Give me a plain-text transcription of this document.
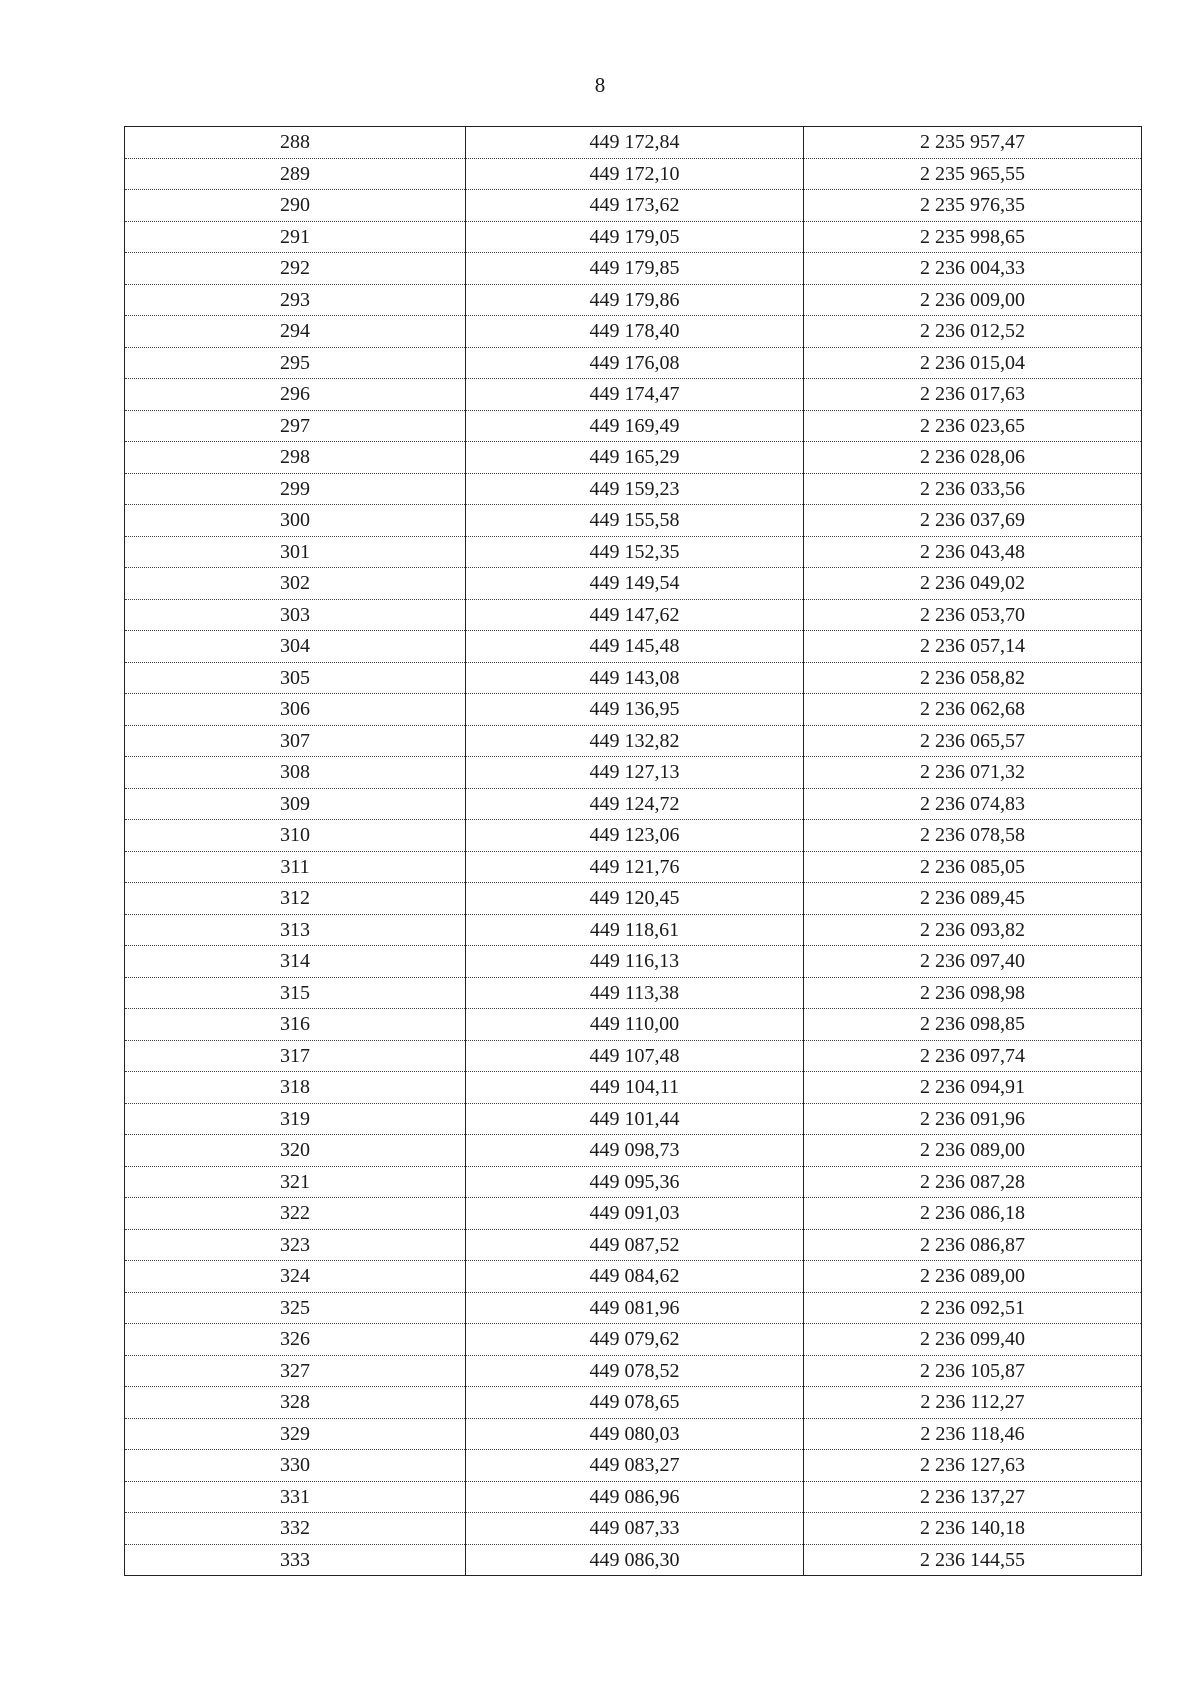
8
288	449 172,84	2 235 957,47
289	449 172,10	2 235 965,55
290	449 173,62	2 235 976,35
291	449 179,05	2 235 998,65
292	449 179,85	2 236 004,33
293	449 179,86	2 236 009,00
294	449 178,40	2 236 012,52
295	449 176,08	2 236 015,04
296	449 174,47	2 236 017,63
297	449 169,49	2 236 023,65
298	449 165,29	2 236 028,06
299	449 159,23	2 236 033,56
300	449 155,58	2 236 037,69
301	449 152,35	2 236 043,48
302	449 149,54	2 236 049,02
303	449 147,62	2 236 053,70
304	449 145,48	2 236 057,14
305	449 143,08	2 236 058,82
306	449 136,95	2 236 062,68
307	449 132,82	2 236 065,57
308	449 127,13	2 236 071,32
309	449 124,72	2 236 074,83
310	449 123,06	2 236 078,58
311	449 121,76	2 236 085,05
312	449 120,45	2 236 089,45
313	449 118,61	2 236 093,82
314	449 116,13	2 236 097,40
315	449 113,38	2 236 098,98
316	449 110,00	2 236 098,85
317	449 107,48	2 236 097,74
318	449 104,11	2 236 094,91
319	449 101,44	2 236 091,96
320	449 098,73	2 236 089,00
321	449 095,36	2 236 087,28
322	449 091,03	2 236 086,18
323	449 087,52	2 236 086,87
324	449 084,62	2 236 089,00
325	449 081,96	2 236 092,51
326	449 079,62	2 236 099,40
327	449 078,52	2 236 105,87
328	449 078,65	2 236 112,27
329	449 080,03	2 236 118,46
330	449 083,27	2 236 127,63
331	449 086,96	2 236 137,27
332	449 087,33	2 236 140,18
333	449 086,30	2 236 144,55
